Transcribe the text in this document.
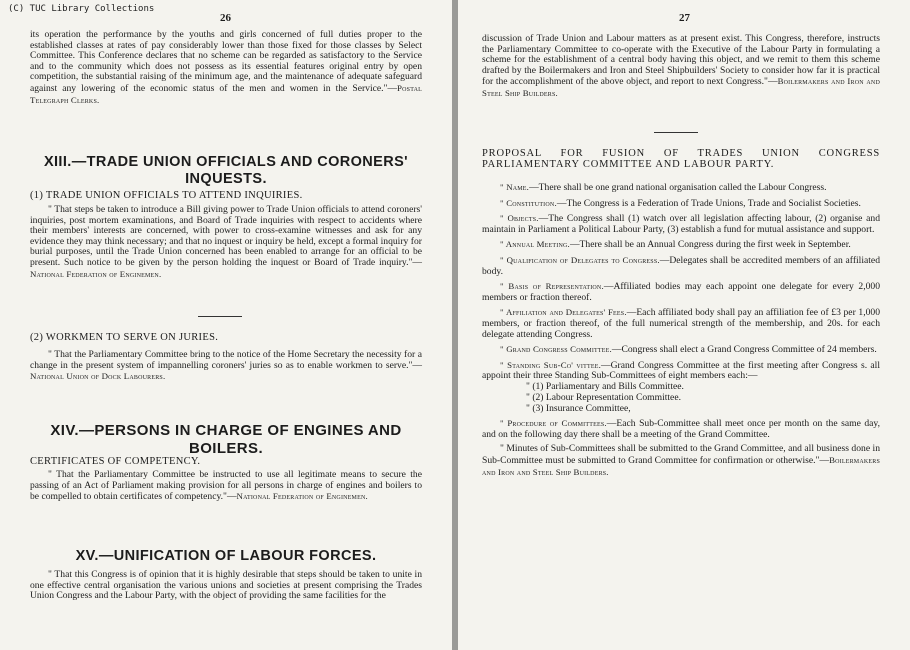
26

its operation the performance by the youths and girls concerned of full duties proper to the established classes at rates of pay considerably lower than those fixed for those classes by Select Committee. This Conference declares that no scheme can be regarded as satisfactory to the Service and to the community which does not possess as its essential features original entry by open competition, the substantial raising of the minimum age, and the maintenance of adequate safeguard against any lowering of the economic status of the men and women in the Service."—Postal Telegraph Clerks.

XIII.—TRADE UNION OFFICIALS AND CORONERS' INQUESTS.
(1) TRADE UNION OFFICIALS TO ATTEND INQUIRIES.

" That steps be taken to introduce a Bill giving power to Trade Union officials to attend coroners' inquiries, post mortem examinations, and Board of Trade inquiries with respect to accidents where their members' interests are concerned, with power to cross-examine witnesses and ask for any evidence they may think necessary; and that no inquest or inquiry be held, except a formal inquiry for burial purposes, until the Trade Union concerned has been enabled to arrange for an official to be present. Such notice to be given by the person holding the inquest or Board of Trade inquiry."—National Federation of Enginemen.

(2) WORKMEN TO SERVE ON JURIES.

" That the Parliamentary Committee bring to the notice of the Home Secretary the necessity for a change in the present system of impannelling coroners' juries so as to enable workmen to serve."—National Union of Dock Labourers.

XIV.—PERSONS IN CHARGE OF ENGINES AND BOILERS.
CERTIFICATES OF COMPETENCY.

" That the Parliamentary Committee be instructed to use all legitimate means to secure the passing of an Act of Parliament making provision for all persons in charge of engines and boilers to be compelled to obtain certificates of competency."—National Federation of Enginemen.

XV.—UNIFICATION OF LABOUR FORCES.

" That this Congress is of opinion that it is highly desirable that steps should be taken to unite in one effective central organisation the various unions and societies at present comprising the Trades Union Congress and the Labour Party, with the object of providing the same facilities for the

27

discussion of Trade Union and Labour matters as at present exist. This Congress, therefore, instructs the Parliamentary Committee to co-operate with the Executive of the Labour Party in formulating a scheme for the establishment of a central body having this object, and we remit to them this scheme drafted by the Boilermakers and Iron and Steel Shipbuilders' Society to consider how far it is practical for the accomplishment of the above object, and report to next Congress."—Boilermakers and Iron and Steel Ship Builders.

PROPOSAL FOR FUSION OF TRADES UNION CONGRESS PARLIAMENTARY COMMITTEE AND LABOUR PARTY.

" Name.—There shall be one grand national organisation called the Labour Congress.

" Constitution.—The Congress is a Federation of Trade Unions, Trade and Socialist Societies.

" Objects.—The Congress shall (1) watch over all legislation affecting labour, (2) organise and maintain in Parliament a Political Labour Party, (3) establish a fund for mutual assistance and support.

" Annual Meeting.—There shall be an Annual Congress during the first week in September.

" Qualification of Delegates to Congress.—Delegates shall be accredited members of an affiliated body.

" Basis of Representation.—Affiliated bodies may each appoint one delegate for every 2,000 members or fraction thereof.

" Affiliation and Delegates' Fees.—Each affiliated body shall pay an affiliation fee of £3 per 1,000 members, or fraction thereof, of the full numerical strength of the membership, and 20s. for each delegate attending Congress.

" Grand Congress Committee.—Congress shall elect a Grand Congress Committee of 24 members.

" Standing Sub-Co' vittee.—Grand Congress Committee at the first meeting after Congress s. all appoint their three Standing Sub-Committees of eight members each:—

" (1) Parliamentary and Bills Committee.
" (2) Labour Representation Committee.
" (3) Insurance Committee,

" Procedure of Committees.—Each Sub-Committee shall meet once per month on the same day, and on the following day there shall be a meeting of the Grand Committee.

" Minutes of Sub-Committees shall be submitted to the Grand Committee, and all business done in Sub-Committee must be submitted to Grand Committee for confirmation or otherwise."—Boilermakers and Iron and Steel Ship Builders.

(C) TUC Library Collections
